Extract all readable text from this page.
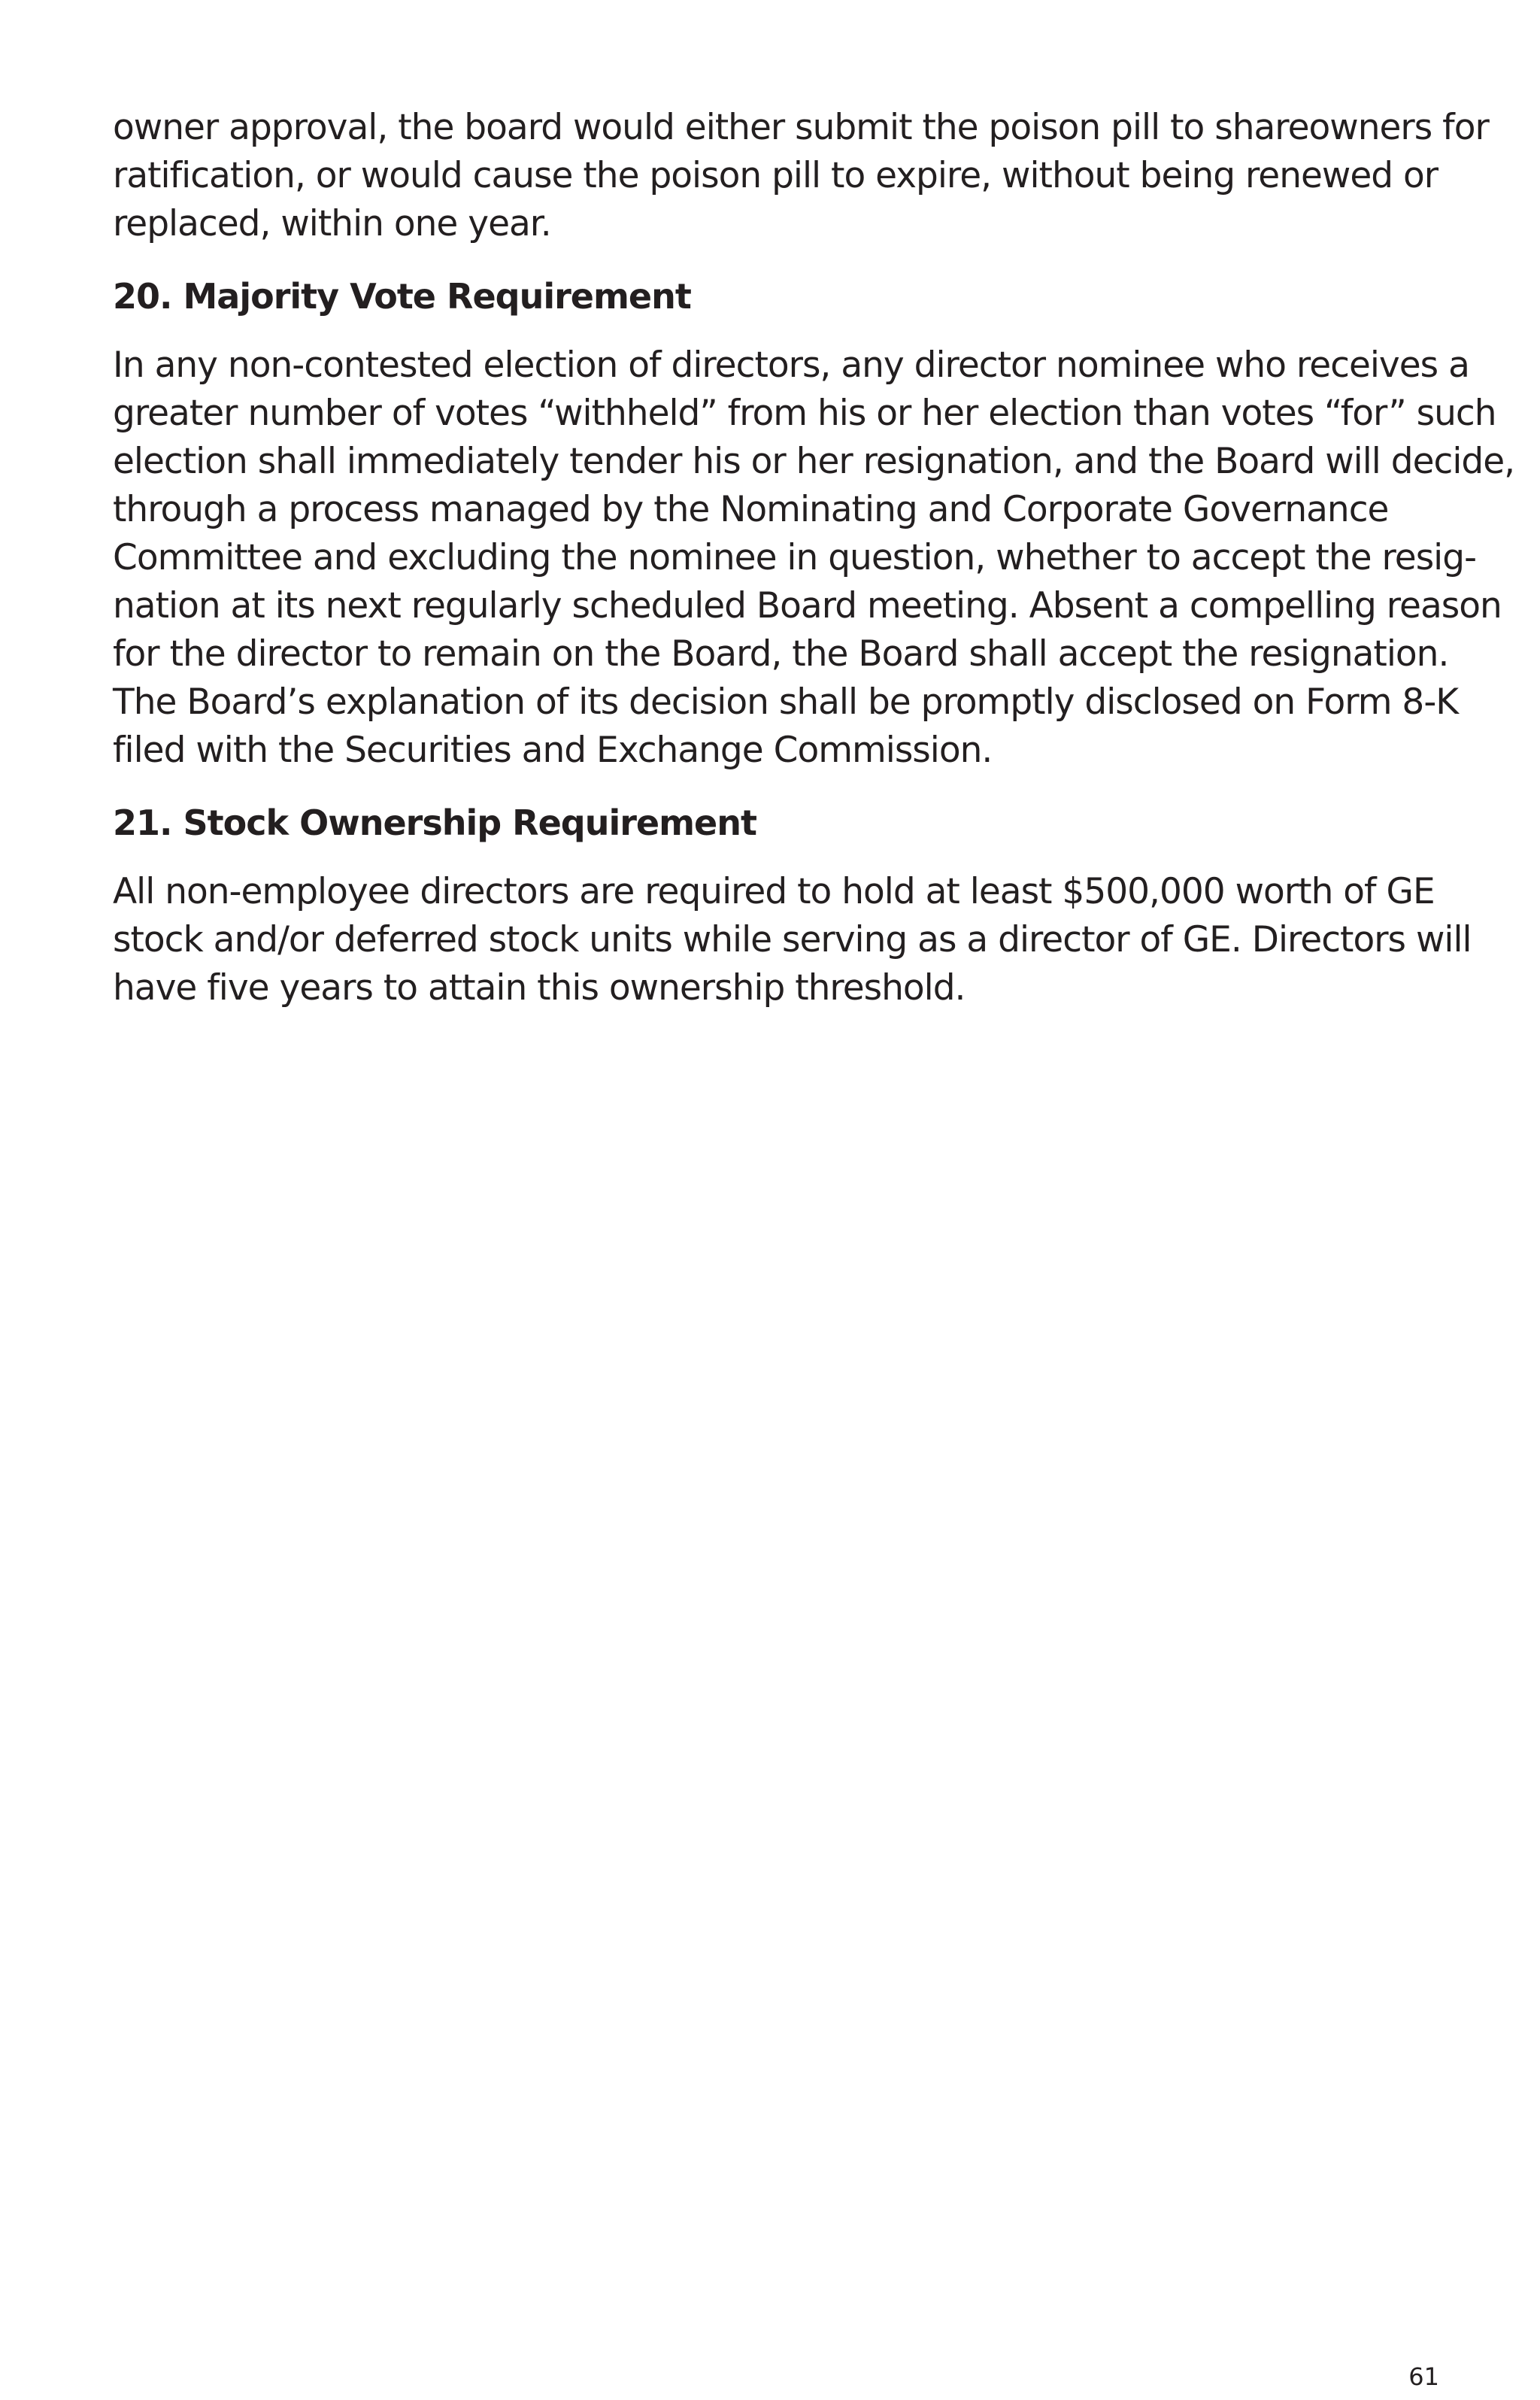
owner approval, the board would either submit the poison pill to shareowners for
ratification, or would cause the poison pill to expire, without being renewed or
replaced, within one year.

20. Majority Vote Requirement

In any non-contested election of directors, any director nominee who receives a
greater number of votes “withheld” from his or her election than votes “for” such
election shall immediately tender his or her resignation, and the Board will decide,
through a process managed by the Nominating and Corporate Governance
Committee and excluding the nominee in question, whether to accept the resig-
nation at its next regularly scheduled Board meeting. Absent a compelling reason
for the director to remain on the Board, the Board shall accept the resignation.
The Board’s explanation of its decision shall be promptly disclosed on Form 8-K
filed with the Securities and Exchange Commission.

21. Stock Ownership Requirement

All non-employee directors are required to hold at least $500,000 worth of GE
stock and/or deferred stock units while serving as a director of GE. Directors will
have five years to attain this ownership threshold.

61
